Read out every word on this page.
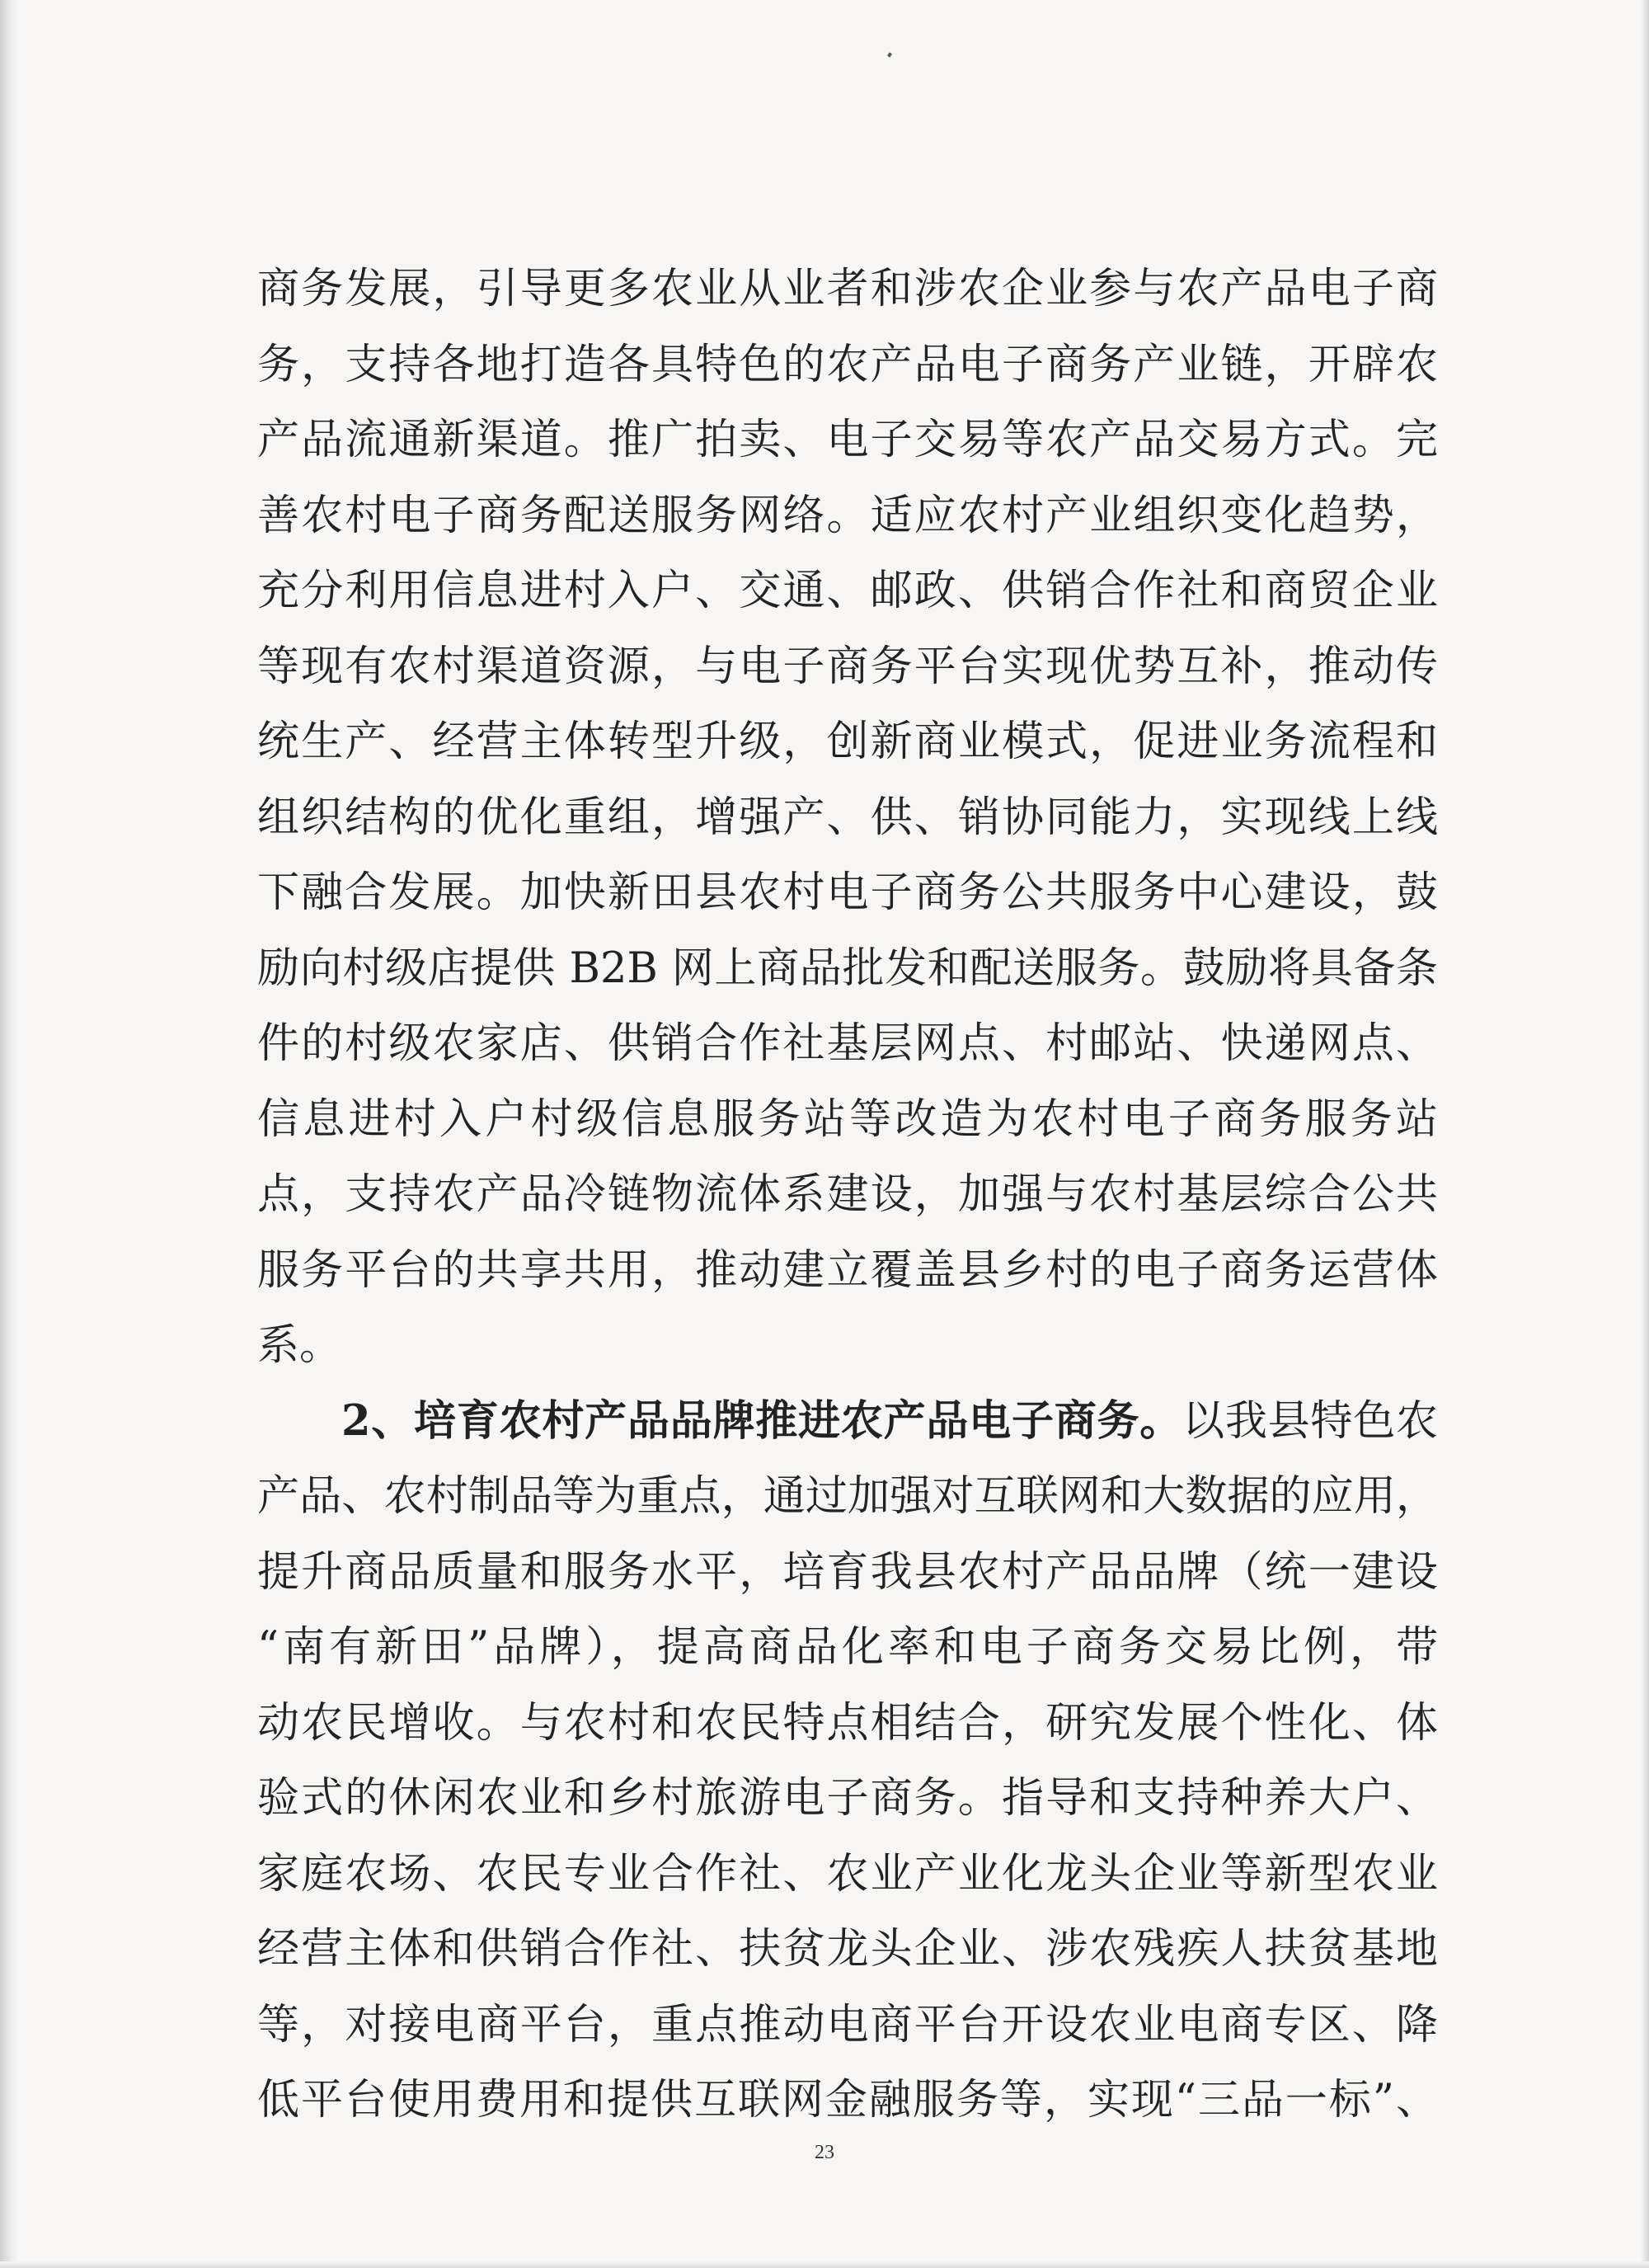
商务发展，引导更多农业从业者和涉农企业参与农产品电子商
务，支持各地打造各具特色的农产品电子商务产业链，开辟农
产品流通新渠道。推广拍卖、电子交易等农产品交易方式。完
善农村电子商务配送服务网络。适应农村产业组织变化趋势，
充分利用信息进村入户、交通、邮政、供销合作社和商贸企业
等现有农村渠道资源，与电子商务平台实现优势互补，推动传
统生产、经营主体转型升级，创新商业模式，促进业务流程和
组织结构的优化重组，增强产、供、销协同能力，实现线上线
下融合发展。加快新田县农村电子商务公共服务中心建设，鼓
励向村级店提供 B2B 网上商品批发和配送服务。鼓励将具备条
件的村级农家店、供销合作社基层网点、村邮站、快递网点、
信息进村入户村级信息服务站等改造为农村电子商务服务站
点，支持农产品冷链物流体系建设，加强与农村基层综合公共
服务平台的共享共用，推动建立覆盖县乡村的电子商务运营体
系。
2、培育农村产品品牌推进农产品电子商务。以我县特色农
产品、农村制品等为重点，通过加强对互联网和大数据的应用，
提升商品质量和服务水平，培育我县农村产品品牌（统一建设
“南有新田”品牌），提高商品化率和电子商务交易比例，带
动农民增收。与农村和农民特点相结合，研究发展个性化、体
验式的休闲农业和乡村旅游电子商务。指导和支持种养大户、
家庭农场、农民专业合作社、农业产业化龙头企业等新型农业
经营主体和供销合作社、扶贫龙头企业、涉农残疾人扶贫基地
等，对接电商平台，重点推动电商平台开设农业电商专区、降
低平台使用费用和提供互联网金融服务等，实现“三品一标”、
23
